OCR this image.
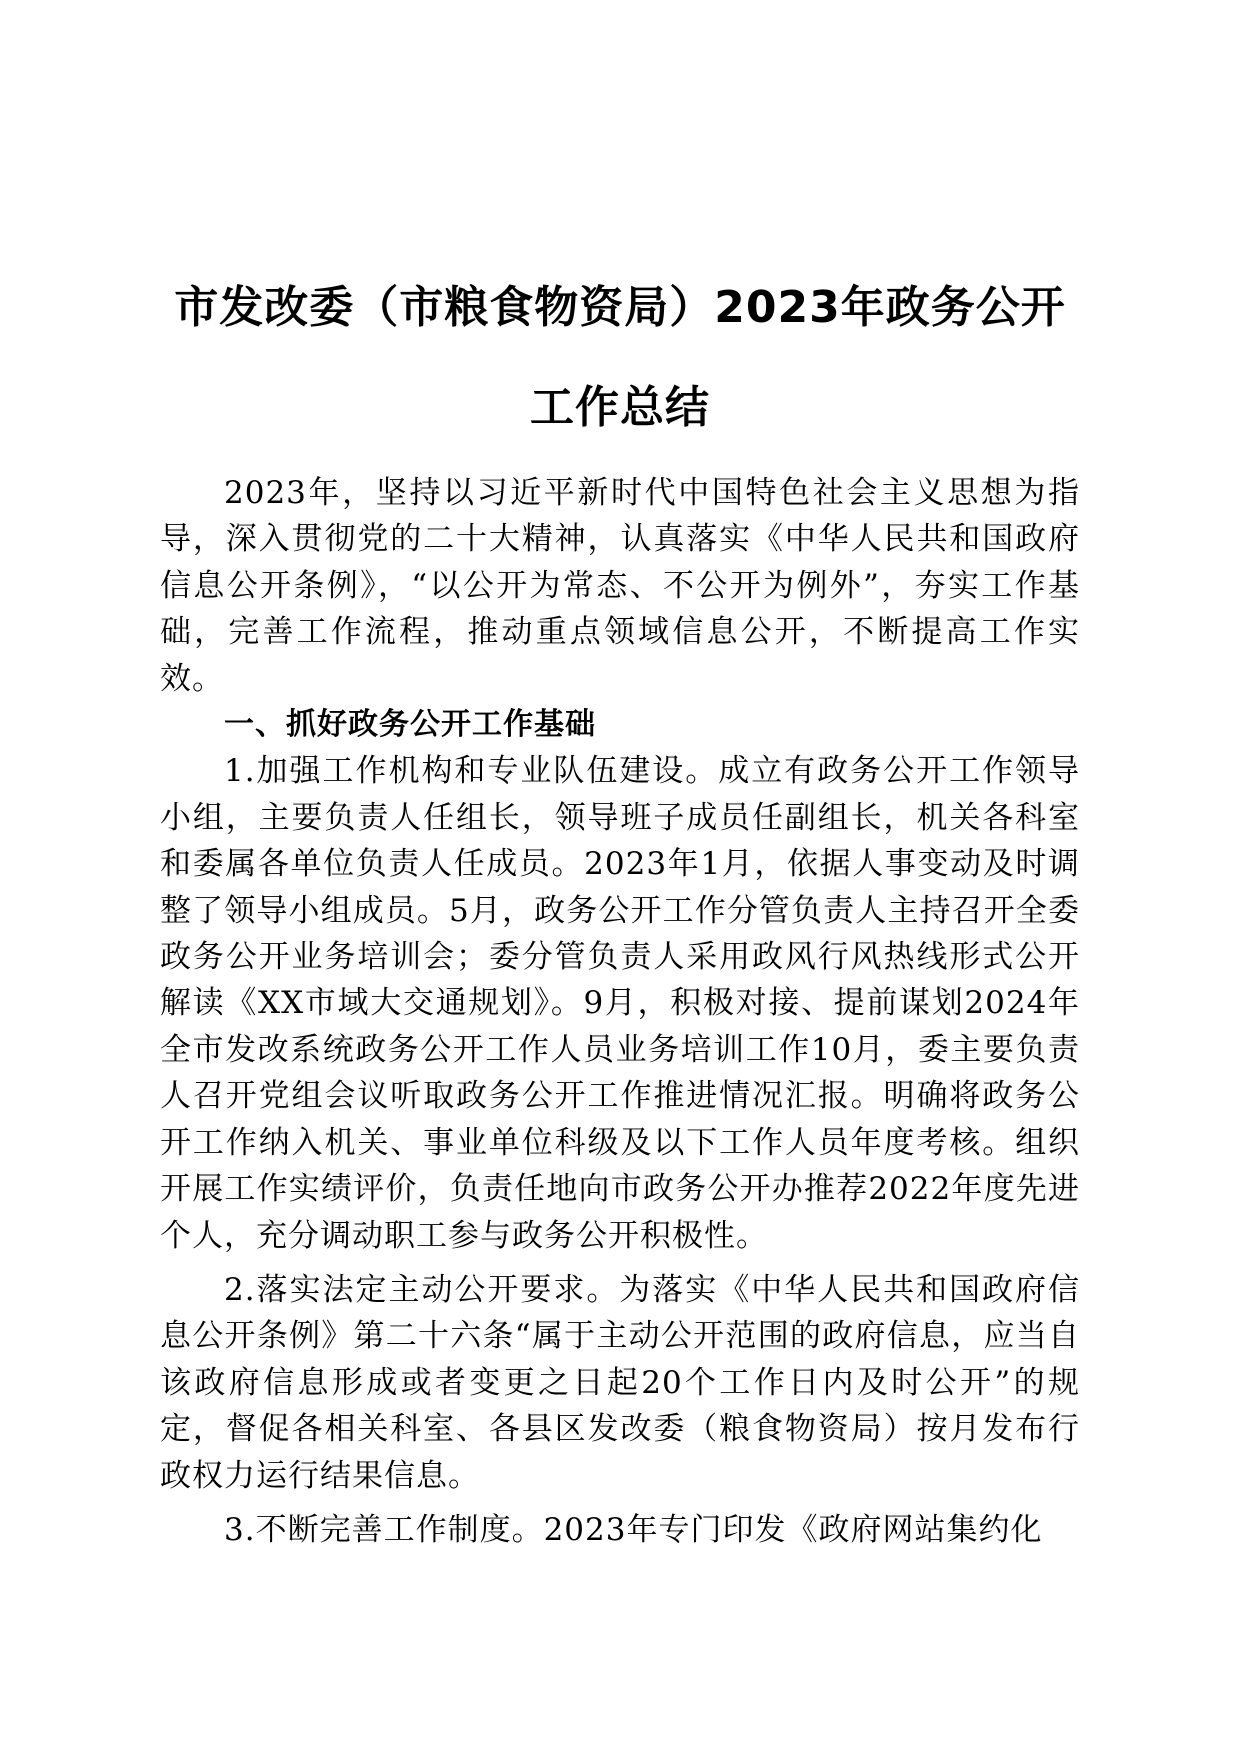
市发改委（市粮食物资局）2023年政务公开
工作总结

2023年，坚持以习近平新时代中国特色社会主义思想为指导，深入贯彻党的二十大精神，认真落实《中华人民共和国政府信息公开条例》，“以公开为常态、不公开为例外”，夯实工作基础，完善工作流程，推动重点领域信息公开，不断提高工作实效。

一、抓好政务公开工作基础

1.加强工作机构和专业队伍建设。成立有政务公开工作领导小组，主要负责人任组长，领导班子成员任副组长，机关各科室和委属各单位负责人任成员。2023年1月，依据人事变动及时调整了领导小组成员。5月，政务公开工作分管负责人主持召开全委政务公开业务培训会；委分管负责人采用政风行风热线形式公开解读《XX市域大交通规划》。9月，积极对接、提前谋划2024年全市发改系统政务公开工作人员业务培训工作10月，委主要负责人召开党组会议听取政务公开工作推进情况汇报。明确将政务公开工作纳入机关、事业单位科级及以下工作人员年度考核。组织开展工作实绩评价，负责任地向市政务公开办推荐2022年度先进个人，充分调动职工参与政务公开积极性。

2.落实法定主动公开要求。为落实《中华人民共和国政府信息公开条例》第二十六条“属于主动公开范围的政府信息，应当自该政府信息形成或者变更之日起20个工作日内及时公开”的规定，督促各相关科室、各县区发改委（粮食物资局）按月发布行政权力运行结果信息。

3.不断完善工作制度。2023年专门印发《政府网站集约化
